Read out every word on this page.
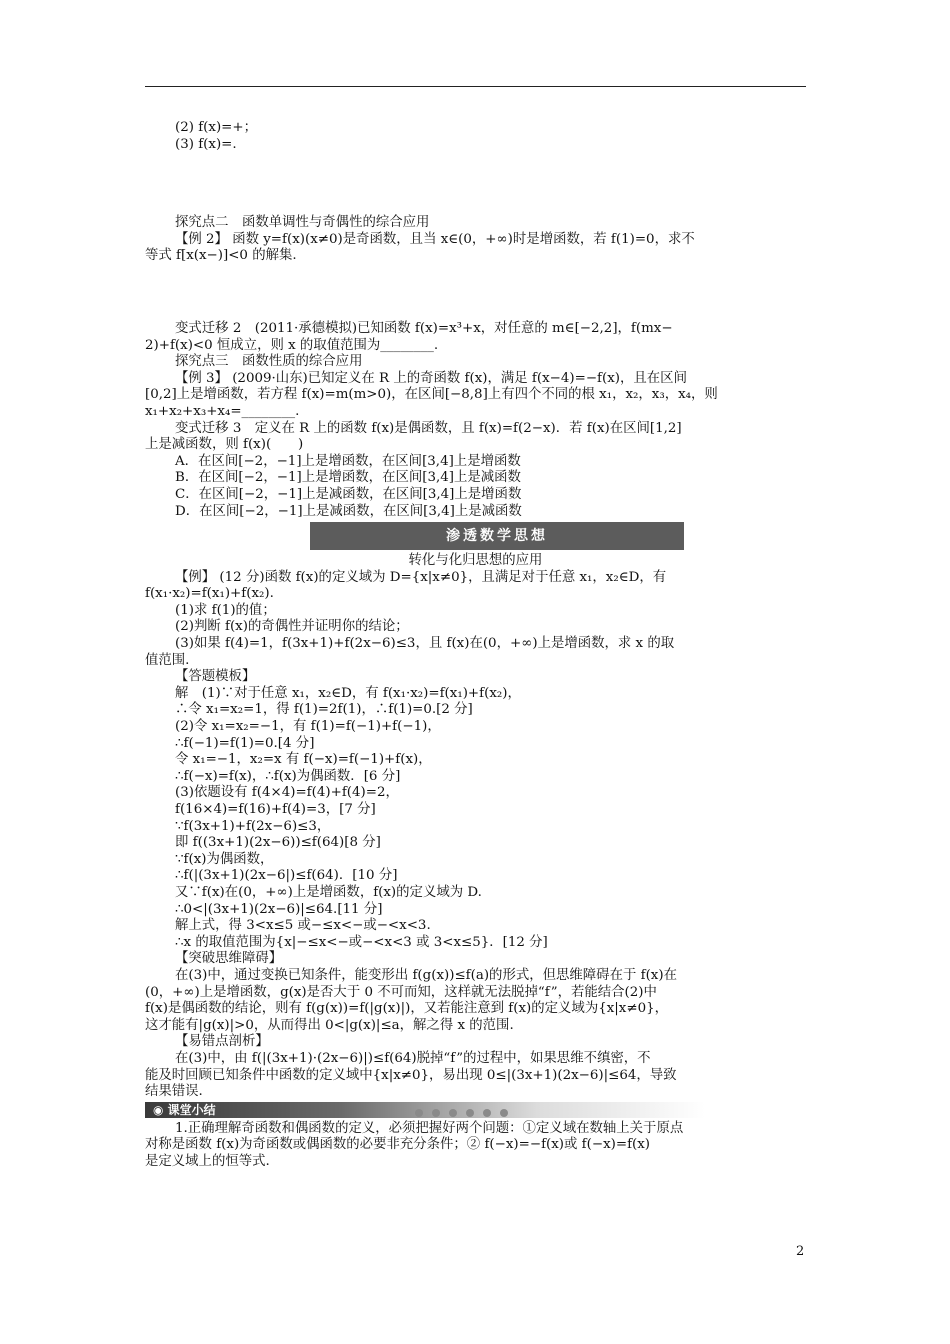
(2) f(x)=+；
(3) f(x)=.
探究点二　函数单调性与奇偶性的综合应用
【例 2】 函数 y=f(x)(x≠0)是奇函数，且当 x∈(0，+∞)时是增函数，若 f(1)=0，求不
等式 f[x(x−)]<0 的解集.
变式迁移 2　(2011·承德模拟)已知函数 f(x)=x³+x，对任意的 m∈[−2,2]，f(mx−
2)+f(x)<0 恒成立，则 x 的取值范围为________.
探究点三　函数性质的综合应用
【例 3】 (2009·山东)已知定义在 R 上的奇函数 f(x)，满足 f(x−4)=−f(x)，且在区间
[0,2]上是增函数，若方程 f(x)=m(m>0)，在区间[−8,8]上有四个不同的根 x₁，x₂，x₃，x₄，则
x₁+x₂+x₃+x₄=________.
变式迁移 3　定义在 R 上的函数 f(x)是偶函数，且 f(x)=f(2−x)．若 f(x)在区间[1,2]
上是减函数，则 f(x)(　　)
A．在区间[−2，−1]上是增函数，在区间[3,4]上是增函数
B．在区间[−2，−1]上是增函数，在区间[3,4]上是减函数
C．在区间[−2，−1]上是减函数，在区间[3,4]上是增函数
D．在区间[−2，−1]上是减函数，在区间[3,4]上是减函数
渗透数学思想
转化与化归思想的应用
【例】 (12 分)函数 f(x)的定义域为 D={x|x≠0}，且满足对于任意 x₁，x₂∈D，有
f(x₁·x₂)=f(x₁)+f(x₂).
(1)求 f(1)的值；
(2)判断 f(x)的奇偶性并证明你的结论；
(3)如果 f(4)=1，f(3x+1)+f(2x−6)≤3，且 f(x)在(0，+∞)上是增函数，求 x 的取
值范围.
【答题模板】
解　(1)∵对于任意 x₁，x₂∈D，有 f(x₁·x₂)=f(x₁)+f(x₂)，
∴令 x₁=x₂=1，得 f(1)=2f(1)，∴f(1)=0.[2 分]
(2)令 x₁=x₂=−1，有 f(1)=f(−1)+f(−1)，
∴f(−1)=f(1)=0.[4 分]
令 x₁=−1，x₂=x 有 f(−x)=f(−1)+f(x)，
∴f(−x)=f(x)，∴f(x)为偶函数．[6 分]
(3)依题设有 f(4×4)=f(4)+f(4)=2，
f(16×4)=f(16)+f(4)=3，[7 分]
∵f(3x+1)+f(2x−6)≤3，
即 f((3x+1)(2x−6))≤f(64)[8 分]
∵f(x)为偶函数，
∴f(|(3x+1)(2x−6|)≤f(64)．[10 分]
又∵f(x)在(0，+∞)上是增函数，f(x)的定义域为 D.
∴0<|(3x+1)(2x−6)|≤64.[11 分]
解上式，得 3<x≤5 或−≤x<−或−<x<3.
∴x 的取值范围为{x|−≤x<−或−<x<3 或 3<x≤5}．[12 分]
【突破思维障碍】
在(3)中，通过变换已知条件，能变形出 f(g(x))≤f(a)的形式，但思维障碍在于 f(x)在
(0，+∞)上是增函数，g(x)是否大于 0 不可而知，这样就无法脱掉“f”，若能结合(2)中
f(x)是偶函数的结论，则有 f(g(x))=f(|g(x)|)，又若能注意到 f(x)的定义域为{x|x≠0}，
这才能有|g(x)|>0，从而得出 0<|g(x)|≤a，解之得 x 的范围.
【易错点剖析】
在(3)中，由 f(|(3x+1)·(2x−6)|)≤f(64)脱掉“f”的过程中，如果思维不缜密，不
能及时回顾已知条件中函数的定义域中{x|x≠0}，易出现 0≤|(3x+1)(2x−6)|≤64，导致
结果错误.
◉ 课堂小结
1.正确理解奇函数和偶函数的定义，必须把握好两个问题：①定义域在数轴上关于原点
对称是函数 f(x)为奇函数或偶函数的必要非充分条件；② f(−x)=−f(x)或 f(−x)=f(x)
是定义域上的恒等式.
2
